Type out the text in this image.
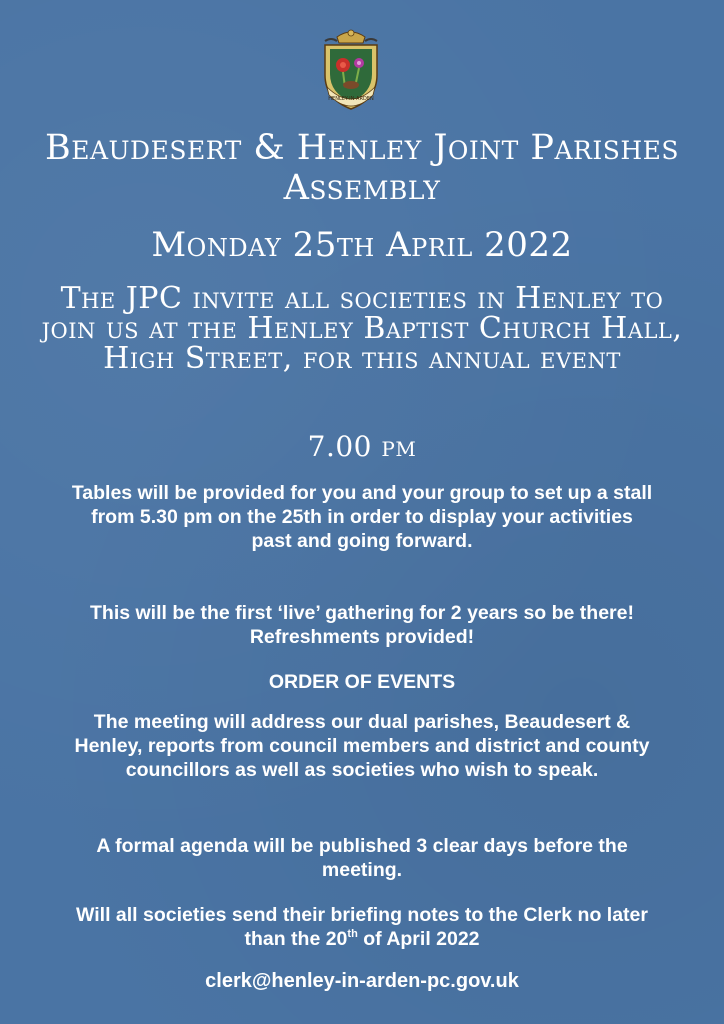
HENLEY-IN-ARDEN
Beaudesert & Henley Joint Parishes Assembly
Monday 25th April 2022
The JPC invite all societies in Henley to join us at the Henley Baptist Church Hall, High Street, for this annual event
7.00 pm

Tables will be provided for you and your group to set up a stall from 5.30 pm on the 25th in order to display your activities past and going forward.

This will be the first ‘live’ gathering for 2 years so be there! Refreshments provided!

ORDER OF EVENTS

The meeting will address our dual parishes, Beaudesert & Henley, reports from council members and district and county councillors as well as societies who wish to speak.

A formal agenda will be published 3 clear days before the meeting.

Will all societies send their briefing notes to the Clerk no later than the 20th of April 2022

clerk@henley-in-arden-pc.gov.uk
